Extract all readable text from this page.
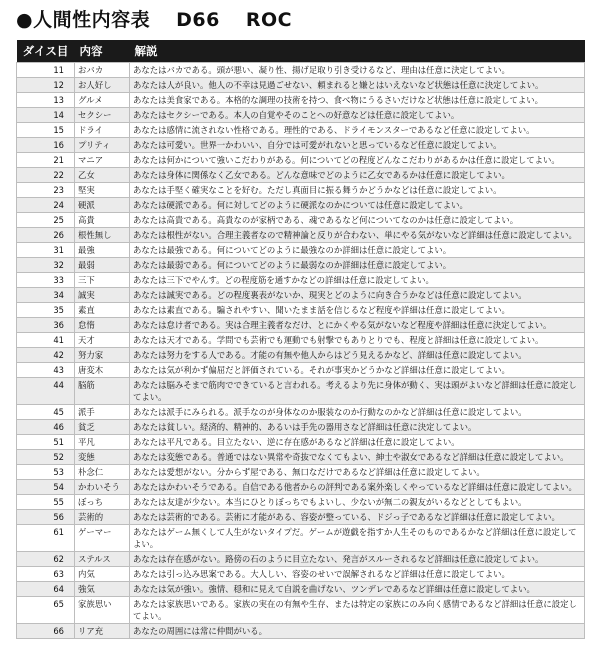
●人間性内容表 D66 ROC
ダイス目	内容	解説
11	おバカ	あなたはバカである。頭が悪い、凝り性、揚げ足取り引き受けるなど、理由は任意に決定してよい。
12	お人好し	あなたは人が良い。他人の不幸は見過ごせない、頼まれると嫌とはいえないなど状態は任意に決定してよい。
13	グルメ	あなたは美食家である。本格的な調理の技術を持つ、食べ物にうるさいだけなど状態は任意に設定してよい。
14	セクシー	あなたはセクシーである。本人の自覚やそのことへの好意などは任意に設定してよい。
15	ドライ	あなたは感情に流されない性格である。理性的である、ドライモンスターであるなど任意に設定してよい。
16	プリティ	あなたは可愛い。世界一かわいい、自分では可愛がれないと思っているなど任意に設定してよい。
21	マニア	あなたは何かについて強いこだわりがある。何についてどの程度どんなこだわりがあるかは任意に設定してよい。
22	乙女	あなたは身体に関係なく乙女である。どんな意味でどのように乙女であるかは任意に設定してよい。
23	堅実	あなたは手堅く確実なことを好む。ただし真面目に振る舞うかどうかなどは任意に設定してよい。
24	硬派	あなたは硬派である。何に対してどのように硬派なのかについては任意に設定してよい。
25	高貴	あなたは高貴である。高貴なのが家柄である、魂であるなど何についてなのかは任意に設定してよい。
26	根性無し	あなたは根性がない。合理主義者なので精神論と反りが合わない、単にやる気がないなど詳細は任意に設定してよい。
31	最強	あなたは最強である。何についてどのように最強なのか詳細は任意に設定してよい。
32	最弱	あなたは最弱である。何についてどのように最弱なのか詳細は任意に設定してよい。
33	三下	あなたは三下でやんす。どの程度筋を通すかなどの詳細は任意に設定してよい。
34	誠実	あなたは誠実である。どの程度裏表がないか、現実とどのように向き合うかなどは任意に設定してよい。
35	素直	あなたは素直である。騙されやすい、聞いたまま話を信じるなど程度や詳細は任意に設定してよい。
36	怠惰	あなたは怠け者である。実は合理主義者なだけ、とにかくやる気がないなど程度や詳細は任意に決定してよい。
41	天才	あなたは天才である。学問でも芸術でも運動でも射撃でもありとりでも、程度と詳細は任意に設定してよい。
42	努力家	あなたは努力をする人である。才能の有無や他人からはどう見えるかなど、詳細は任意に設定してよい。
43	唐変木	あなたは気が利かず偏屈だと評価されている。それが事実かどうかなど詳細は任意に設定してよい。
44	脳筋	あなたは脳みそまで筋肉でできていると言われる。考えるより先に身体が動く、実は頭がよいなど詳細は任意に設定してよい。
45	派手	あなたは派手にみられる。派手なのが身体なのか服装なのか行動なのかなど詳細は任意に設定してよい。
46	貧乏	あなたは貧しい。経済的、精神的、あるいは手先の器用さなど詳細は任意に決定してよい。
51	平凡	あなたは平凡である。目立たない、逆に存在感があるなど詳細は任意に設定してよい。
52	変態	あなたは変態である。普通ではない異常や奇抜でなくてもよい、紳士や淑女であるなど詳細は任意に設定してよい。
53	朴念仁	あなたは愛想がない。分からず屋である、無口なだけであるなど詳細は任意に設定してよい。
54	かわいそう	あなたはかわいそうである。自信である他者からの評判である案外楽しくやっているなど詳細は任意に設定してよい。
55	ぼっち	あなたは友達が少ない。本当にひとりぼっちでもよいし、少ないが無二の親友がいるなどとしてもよい。
56	芸術的	あなたは芸術的である。芸術に才能がある、容姿が整っている、ドジっ子であるなど詳細は任意に設定してよい。
61	ゲーマー	あなたはゲーム無くして人生がないタイプだ。ゲームが遊戯を指すか人生そのものであるかなど詳細は任意に設定してよい。
62	ステルス	あなたは存在感がない。路傍の石のように目立たない、発言がスルーされるなど詳細は任意に設定してよい。
63	内気	あなたは引っ込み思案である。大人しい、容姿のせいで誤解されるなど詳細は任意に設定してよい。
64	強気	あなたは気が強い。強情、穏和に見えて自説を曲げない、ツンデレであるなど詳細は任意に設定してよい。
65	家族思い	あなたは家族思いである。家族の実在の有無や生存、または特定の家族にのみ向く感情であるなど詳細は任意に設定してよい。
66	リア充	あなたの周囲には常に仲間がいる。
